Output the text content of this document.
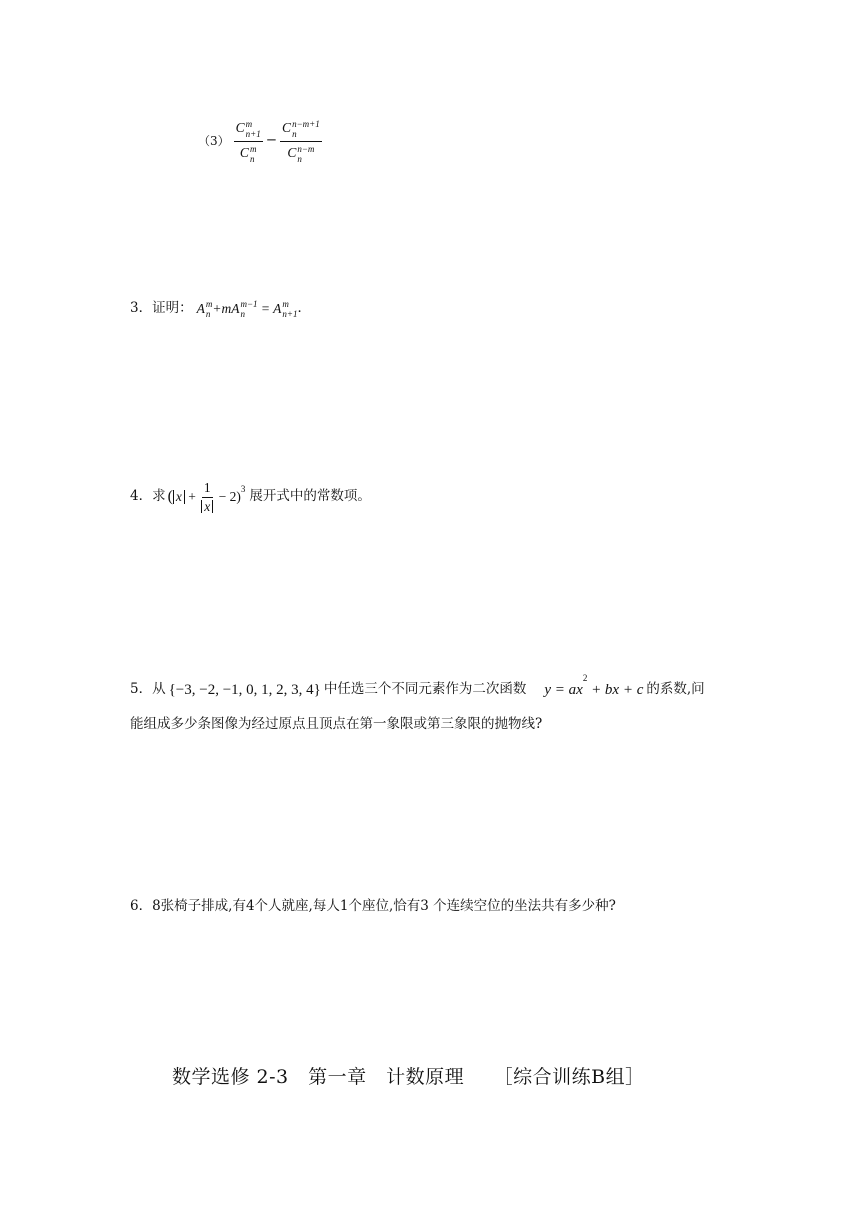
（3） C m
n+1
C m
n − C n−m+1
n
C n−m
n
3．证明： A m
n +mA m−1
n = A m
n+1 ．
4．求 ( $x + \frac{1}{x} - 2$)
$^3$ 展开式中的常数项。
5．从 {−3, −2, −1, 0, 1, 2, 3, 4} 中任选三个不同元素作为二次函数	$y = ax^2$ + bx + c
的系数,问
能组成多少条图像为经过原点且顶点在第一象限或第三象限的抛物线?
6．8张椅子排成,有4个人就座,每人1个座位,恰有3 个连续空位的坐法共有多少种?
数学选修 2-3　第一章　计数原理　　［综合训练B组］
